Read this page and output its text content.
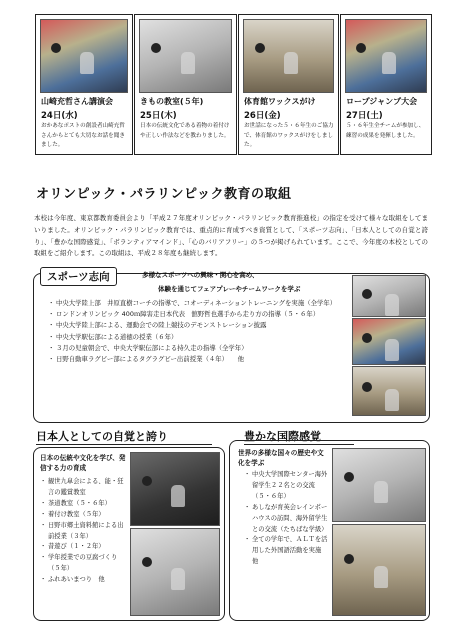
山崎充哲さん講演会
24日(水)
おかあなポストの創設者山崎充哲さんからとても大切なお話を聞きました。
きもの教室(５年)
25日(木)
日本の伝統文化である着物の着付けや正しい作法などを教わりました。
体育館ワックスがけ
26日(金)
お世話になった５・６年生のご協力で、体育館のワックスがけをしました。
ロープジャンプ大会
27日(土)
５・６年生全チームが参加し、練習の成果を発揮しました。
オリンピック・パラリンピック教育の取組
本校は今年度、東京都教育委員会より「平成２７年度オリンピック・パラリンピック教育推進校」の指定を受けて様々な取組をしてまいりました。オリンピック・パラリンピック教育では、重点的に育成すべき資質として、「スポーツ志向」、「日本人としての自覚と誇り」、「豊かな国際感覚」、「ボランティアマインド」、「心のバリアフリー」の５つが掲げられています。ここで、今年度の本校としての取組をご紹介します。この取組は、平成２８年度も継続します。
スポーツ志向	多様なスポーツへの興味・関心を高め、
体験を通じてフェアプレーやチームワークを学ぶ
・ 中央大学陸上部　井原直樹コーチの指導で、コオーディネーショントレーニングを実施（全学年）
・ ロンドンオリンピック 400ｍ障害走日本代表　舘野哲也選手から走り方の指導（５・６年）
・ 中央大学陸上部による、運動会での陸上競技のデモンストレーション披露
・ 中央大学駅伝部による道徳の授業（６年）
・ ３月の児童朝会で、中央大学駅伝部による持久走の指導（全学年）
・ 日野自動車ラグビー部によるタグラグビー出前授業（４年）　　他
日本人としての自覚と誇り
日本の伝統や文化を学び、発信する力の育成
・ 観世九皐会による、能・狂言の鑑賞教室
・ 茶道教室（５・６年）
・ 着付け教室（５年）
・ 日野市郷土資料館による出前授業（３年）
・ 昔遊び（１・２年）
・ 学年授業での豆腐づくり（５年）
・ ふれあいまつり　他
豊かな国際感覚
世界の多様な国々の歴史や文化を学ぶ
・ 中央大学国際センター海外留学生２２名との交流（５・６年）
・ あしなが育英会レインボーハウスの訪問、海外留学生との交流（たちばな学級）
・ 全ての学年で、ＡＬＴを活用した外国語活動を実施　他
